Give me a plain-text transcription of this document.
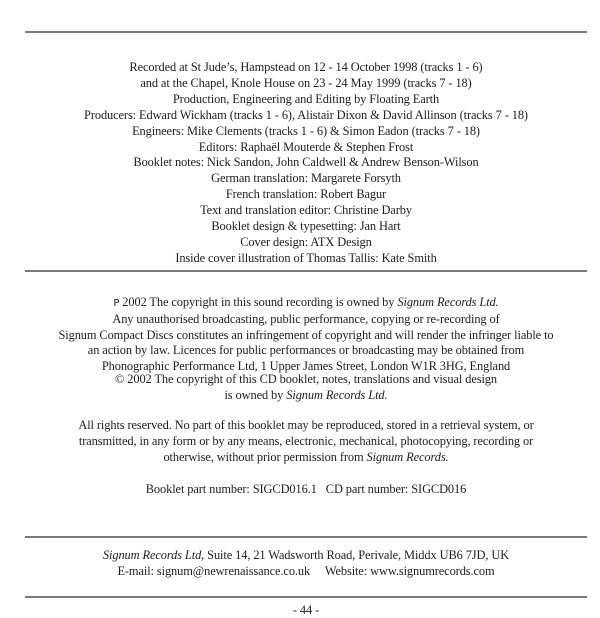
Recorded at St Jude’s, Hampstead on 12 - 14 October 1998 (tracks 1 - 6)
and at the Chapel, Knole House on 23 - 24 May 1999 (tracks 7 - 18)
Production, Engineering and Editing by Floating Earth
Producers: Edward Wickham (tracks 1 - 6), Alistair Dixon & David Allinson (tracks 7 - 18)
Engineers: Mike Clements (tracks 1 - 6) & Simon Eadon (tracks 7 - 18)
Editors: Raphaël Mouterde & Stephen Frost
Booklet notes: Nick Sandon, John Caldwell & Andrew Benson-Wilson
German translation: Margarete Forsyth
French translation: Robert Bagur
Text and translation editor: Christine Darby
Booklet design & typesetting: Jan Hart
Cover design: ATX Design
Inside cover illustration of Thomas Tallis: Kate Smith
P 2002 The copyright in this sound recording is owned by Signum Records Ltd.
Any unauthorised broadcasting, public performance, copying or re-recording of
Signum Compact Discs constitutes an infringement of copyright and will render the infringer liable to
an action by law. Licences for public performances or broadcasting may be obtained from
Phonographic Performance Ltd, 1 Upper James Street, London W1R 3HG, England
© 2002 The copyright of this CD booklet, notes, translations and visual design
is owned by Signum Records Ltd.
All rights reserved. No part of this booklet may be reproduced, stored in a retrieval system, or
transmitted, in any form or by any means, electronic, mechanical, photocopying, recording or
otherwise, without prior permission from Signum Records.
Booklet part number: SIGCD016.1 CD part number: SIGCD016
Signum Records Ltd, Suite 14, 21 Wadsworth Road, Perivale, Middx UB6 7JD, UK
E-mail: signum@newrenaissance.co.uk Website: www.signumrecords.com
- 44 -
